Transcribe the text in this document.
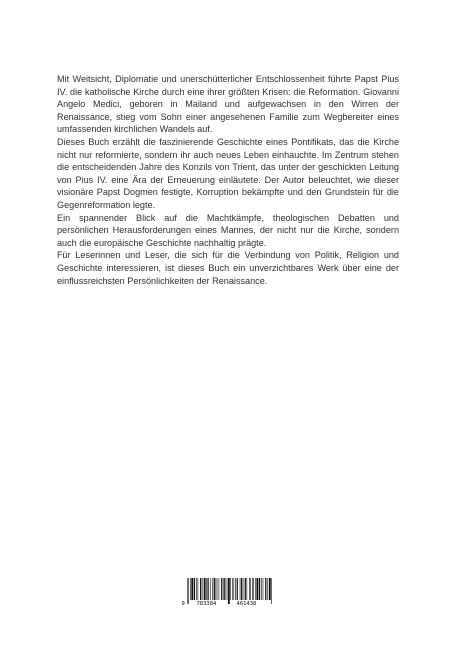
Mit Weitsicht, Diplomatie und unerschütterlicher Entschlossenheit führte Papst Pius IV. die katholische Kirche durch eine ihrer größten Krisen: die Reformation. Giovanni Angelo Medici, geboren in Mailand und aufgewachsen in den Wirren der Renaissance, stieg vom Sohn einer angesehenen Familie zum Wegbereiter eines umfassenden kirchlichen Wandels auf.

Dieses Buch erzählt die faszinierende Geschichte eines Pontifikats, das die Kirche nicht nur reformierte, sondern ihr auch neues Leben einhauchte. Im Zentrum stehen die entscheidenden Jahre des Konzils von Trient, das unter der geschickten Leitung von Pius IV. eine Ära der Erneuerung einläutete. Der Autor beleuchtet, wie dieser visionäre Papst Dogmen festigte, Korruption bekämpfte und den Grundstein für die Gegenreformation legte.

Ein spannender Blick auf die Machtkämpfe, theologischen Debatten und persönlichen Herausforderungen eines Mannes, der nicht nur die Kirche, sondern auch die europäische Geschichte nachhaltig prägte.

Für Leserinnen und Leser, die sich für die Verbindung von Politik, Religion und Geschichte interessieren, ist dieses Buch ein unverzichtbares Werk über eine der einflussreichsten Persönlichkeiten der Renaissance.

9 783384	461438
